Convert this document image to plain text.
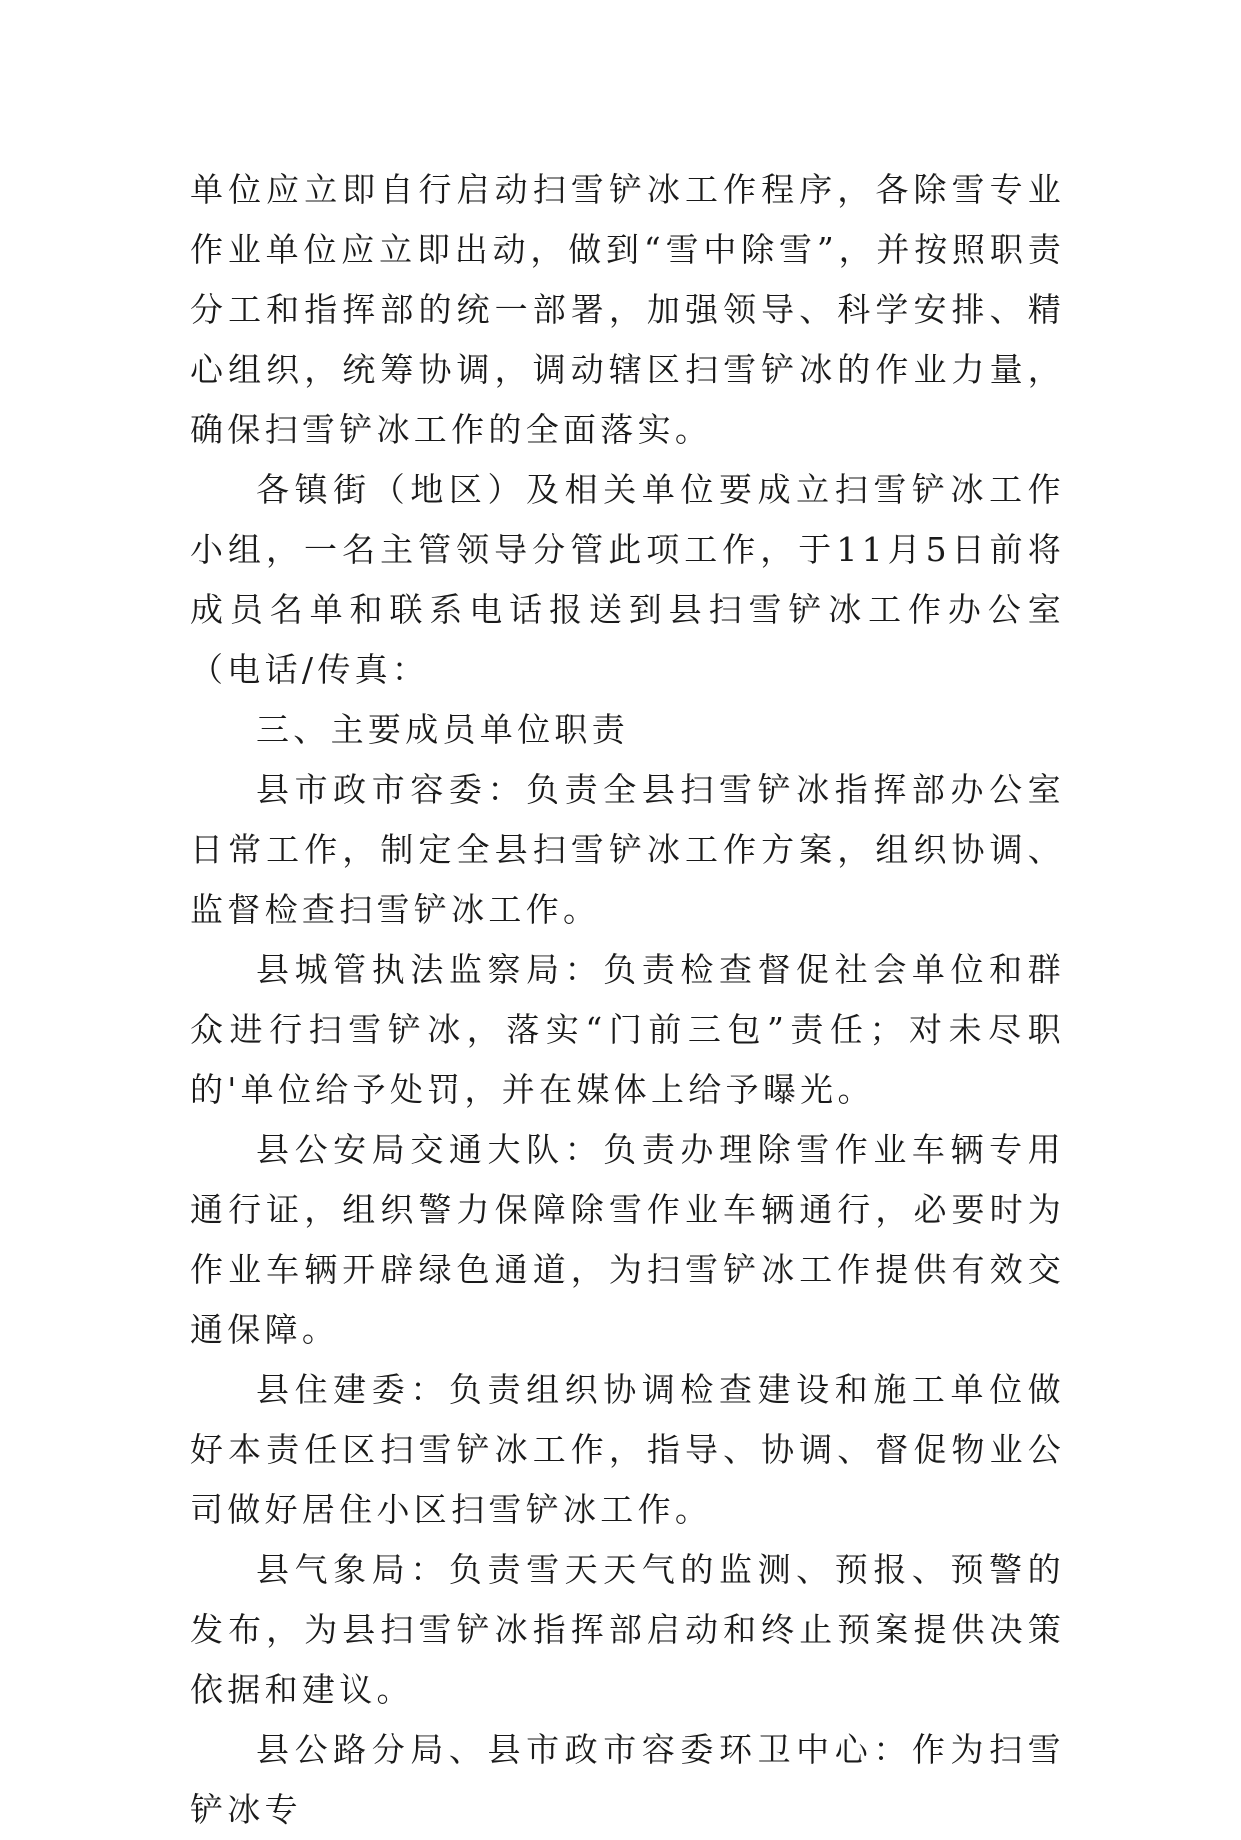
单位应立即自行启动扫雪铲冰工作程序，各除雪专业作业单位应立即出动，做到“雪中除雪”，并按照职责分工和指挥部的统一部署，加强领导、科学安排、精心组织，统筹协调，调动辖区扫雪铲冰的作业力量，确保扫雪铲冰工作的全面落实。

各镇街（地区）及相关单位要成立扫雪铲冰工作小组，一名主管领导分管此项工作，于11月5日前将成员名单和联系电话报送到县扫雪铲冰工作办公室（电话/传真：

三、主要成员单位职责

县市政市容委：负责全县扫雪铲冰指挥部办公室日常工作，制定全县扫雪铲冰工作方案，组织协调、监督检查扫雪铲冰工作。

县城管执法监察局：负责检查督促社会单位和群众进行扫雪铲冰，落实“门前三包”责任；对未尽职的'单位给予处罚，并在媒体上给予曝光。

县公安局交通大队：负责办理除雪作业车辆专用通行证，组织警力保障除雪作业车辆通行，必要时为作业车辆开辟绿色通道，为扫雪铲冰工作提供有效交通保障。

县住建委：负责组织协调检查建设和施工单位做好本责任区扫雪铲冰工作，指导、协调、督促物业公司做好居住小区扫雪铲冰工作。

县气象局：负责雪天天气的监测、预报、预警的发布，为县扫雪铲冰指挥部启动和终止预案提供决策依据和建议。

县公路分局、县市政市容委环卫中心：作为扫雪铲冰专
